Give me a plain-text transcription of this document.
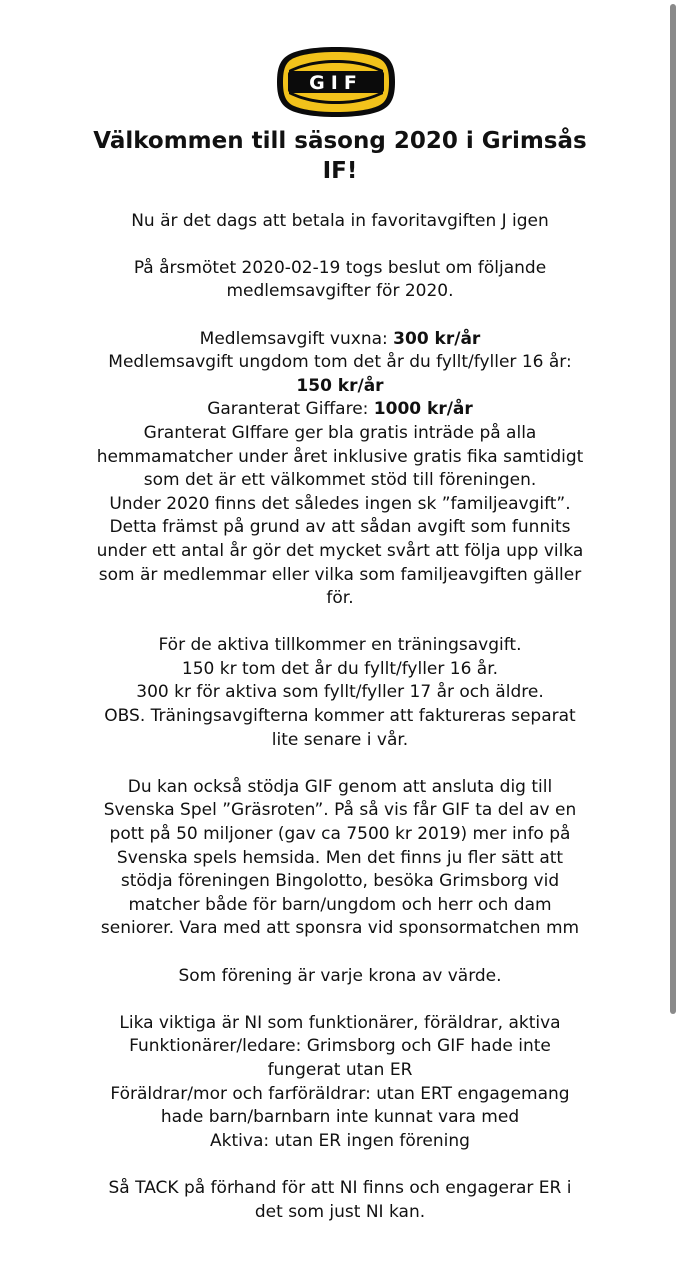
GIF
Välkommen till säsong 2020 i Grimsås
IF!
Nu är det dags att betala in favoritavgiften J igen
På årsmötet 2020-02-19 togs beslut om följande
medlemsavgifter för 2020.
Medlemsavgift vuxna: 300 kr/år
Medlemsavgift ungdom tom det år du fyllt/fyller 16 år:
150 kr/år
Garanterat Giffare: 1000 kr/år
Granterat GIffare ger bla gratis inträde på alla
hemmamatcher under året inklusive gratis fika samtidigt
som det är ett välkommet stöd till föreningen.
Under 2020 finns det således ingen sk ”familjeavgift”.
Detta främst på grund av att sådan avgift som funnits
under ett antal år gör det mycket svårt att följa upp vilka
som är medlemmar eller vilka som familjeavgiften gäller
för.
För de aktiva tillkommer en träningsavgift.
150 kr tom det år du fyllt/fyller 16 år.
300 kr för aktiva som fyllt/fyller 17 år och äldre.
OBS. Träningsavgifterna kommer att faktureras separat
lite senare i vår.
Du kan också stödja GIF genom att ansluta dig till
Svenska Spel ”Gräsroten”. På så vis får GIF ta del av en
pott på 50 miljoner (gav ca 7500 kr 2019) mer info på
Svenska spels hemsida. Men det finns ju fler sätt att
stödja föreningen Bingolotto, besöka Grimsborg vid
matcher både för barn/ungdom och herr och dam
seniorer. Vara med att sponsra vid sponsormatchen mm
Som förening är varje krona av värde.
Lika viktiga är NI som funktionärer, föräldrar, aktiva
Funktionärer/ledare: Grimsborg och GIF hade inte
fungerat utan ER
Föräldrar/mor och farföräldrar: utan ERT engagemang
hade barn/barnbarn inte kunnat vara med
Aktiva: utan ER ingen förening
Så TACK på förhand för att NI finns och engagerar ER i
det som just NI kan.
